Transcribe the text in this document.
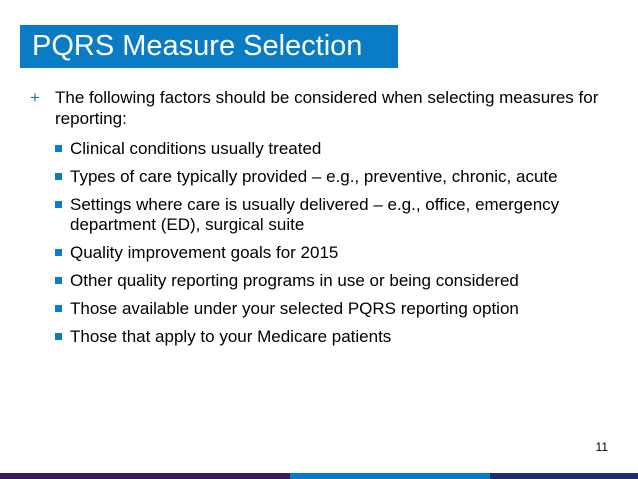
PQRS Measure Selection
+ The following factors should be considered when selecting measures for reporting:
Clinical conditions usually treated
Types of care typically provided – e.g., preventive, chronic, acute
Settings where care is usually delivered – e.g., office, emergency department (ED), surgical suite
Quality improvement goals for 2015
Other quality reporting programs in use or being considered
Those available under your selected PQRS reporting option
Those that apply to your Medicare patients
11
